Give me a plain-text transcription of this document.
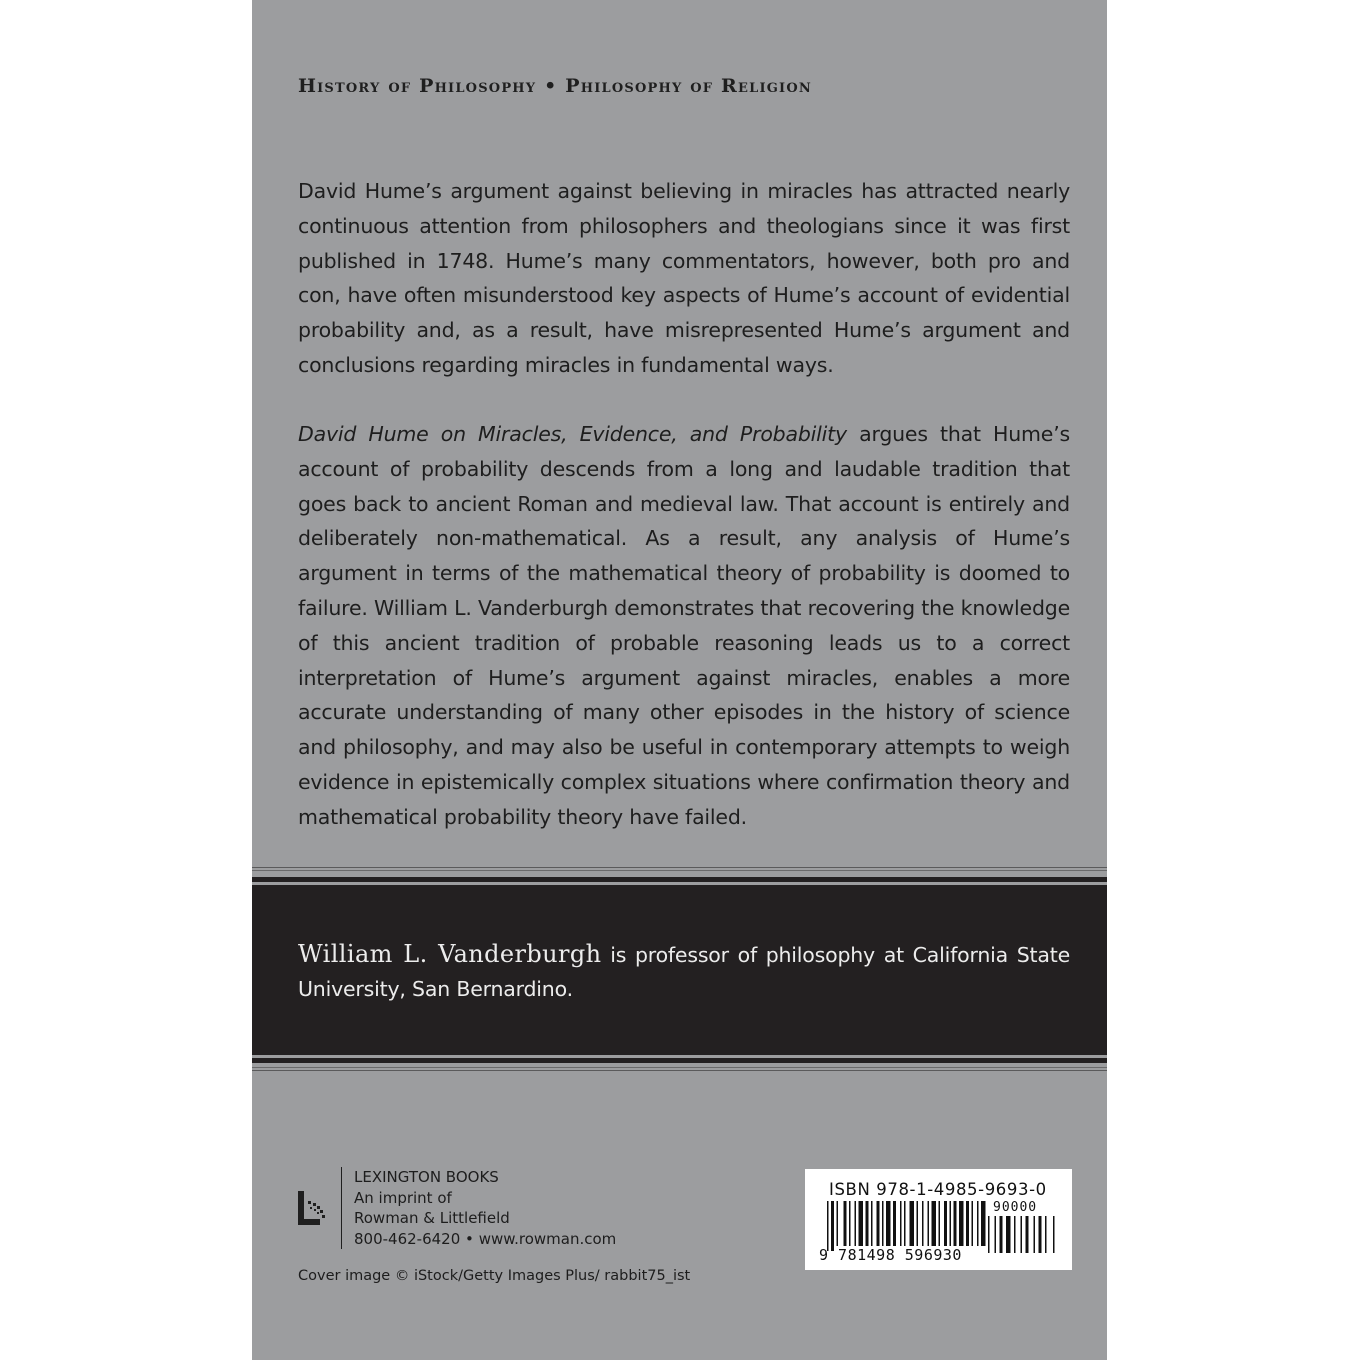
History of Philosophy • Philosophy of Religion
David Hume’s argument against believing in miracles has attracted nearly continuous attention from philosophers and theologians since it was first published in 1748. Hume’s many commentators, however, both pro and con, have often misunderstood key aspects of Hume’s account of evidential probability and, as a result, have misrepresented Hume’s argument and conclusions regarding miracles in fundamental ways.
David Hume on Miracles, Evidence, and Probability argues that Hume’s account of probability descends from a long and laudable tradition that goes back to ancient Roman and medieval law. That account is entirely and deliberately non-mathematical. As a result, any analysis of Hume’s argument in terms of the mathematical theory of probability is doomed to failure. William L. Vanderburgh demonstrates that recovering the knowledge of this ancient tradition of probable reasoning leads us to a correct interpretation of Hume’s argument against miracles, enables a more accurate understanding of many other episodes in the history of science and philosophy, and may also be useful in contemporary attempts to weigh evidence in epistemically complex situations where confirmation theory and mathematical probability theory have failed.
William L. Vanderburgh is professor of philosophy at California State University, San Bernardino.
LEXINGTON BOOKS
An imprint of
Rowman & Littlefield
800-462-6420 • www.rowman.com
Cover image © iStock/Getty Images Plus/ rabbit75_ist
ISBN 978-1-4985-9693-0
90000
9 781498 596930
